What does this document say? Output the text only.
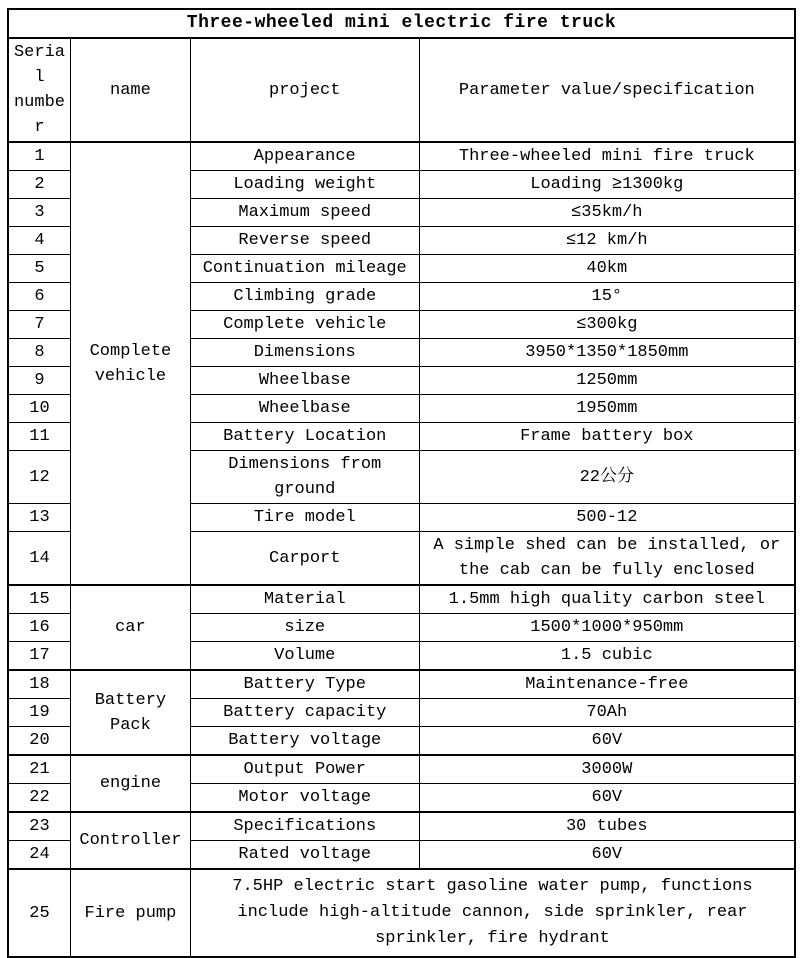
Three-wheeled mini electric fire truck			
Serial number	name	project	Parameter value/specification
1	Complete vehicle	Appearance	Three-wheeled mini fire truck
2		Loading weight	Loading ≥1300kg
3		Maximum speed	≤35km/h
4		Reverse speed	≤12 km/h
5		Continuation mileage	40km
6		Climbing grade	15°
7		Complete vehicle	≤300kg
8		Dimensions	3950*1350*1850mm
9		Wheelbase	1250mm
10		Wheelbase	1950mm
11		Battery Location	Frame battery box
12		Dimensions from ground	22公分
13		Tire model	500-12
14		Carport	A simple shed can be installed, or the cab can be fully enclosed
15	car	Material	1.5mm high quality carbon steel
16		size	1500*1000*950mm
17		Volume	1.5 cubic
18	Battery Pack	Battery Type	Maintenance-free
19		Battery capacity	70Ah
20		Battery voltage	60V
21	engine	Output Power	3000W
22		Motor voltage	60V
23	Controller	Specifications	30 tubes
24		Rated voltage	60V
25	Fire pump	7.5HP electric start gasoline water pump, functions include high-altitude cannon, side sprinkler, rear sprinkler, fire hydrant	
